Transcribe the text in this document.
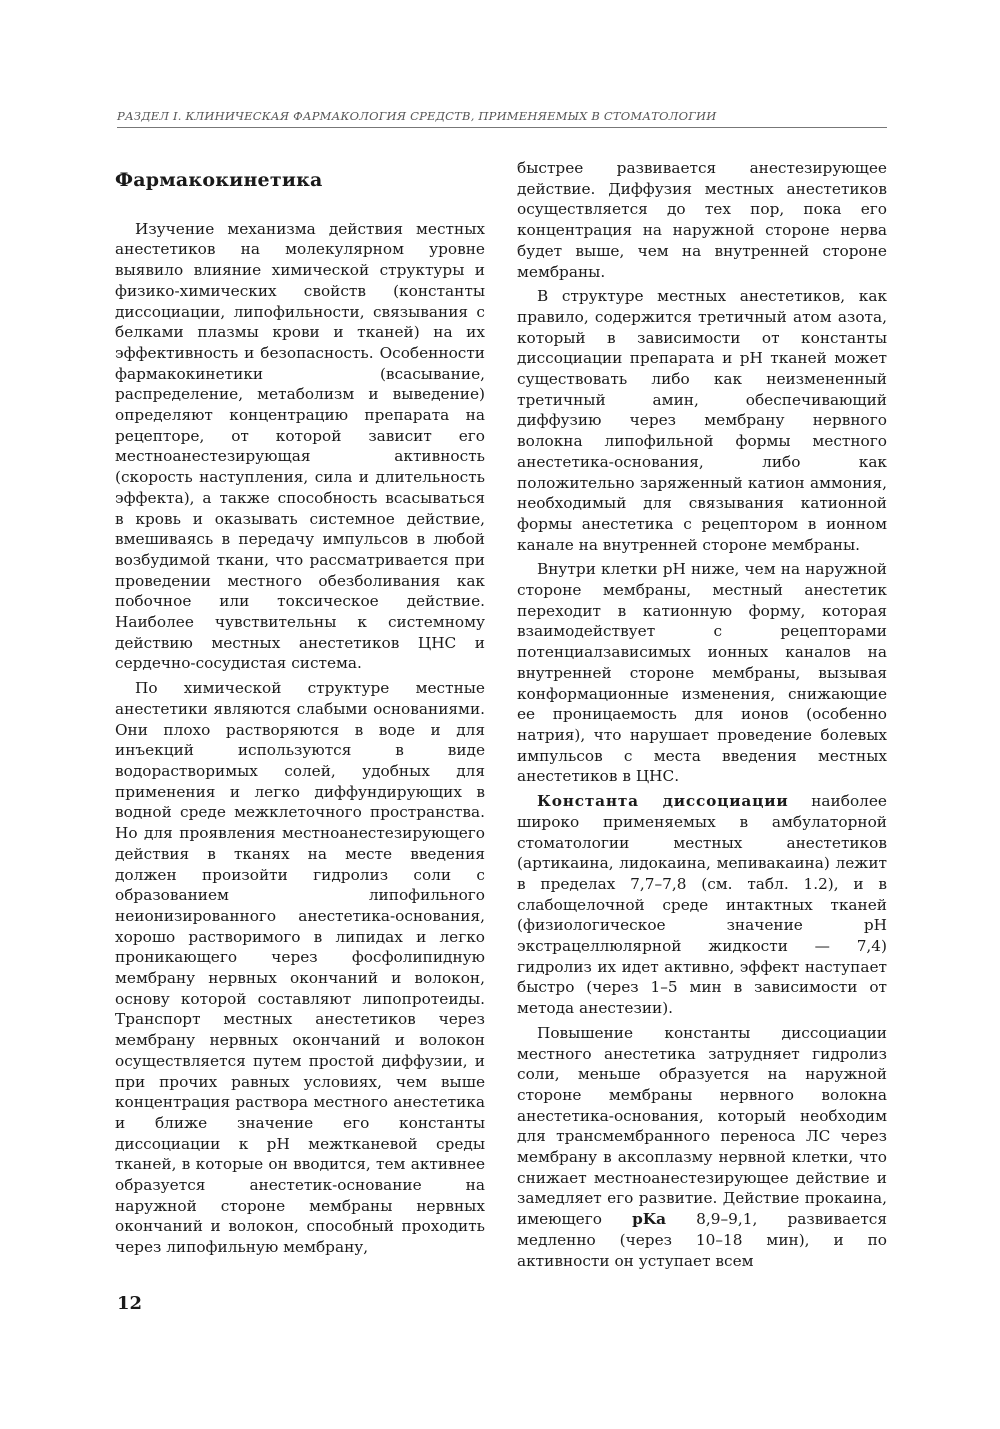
РАЗДЕЛ I. КЛИНИЧЕСКАЯ ФАРМАКОЛОГИЯ СРЕДСТВ, ПРИМЕНЯЕМЫХ В СТОМАТОЛОГИИ
Фармакокинетика

Изучение механизма действия местных анестетиков на молекулярном уровне выявило влияние химической структуры и физико-химических свойств (константы диссоциации, липофильности, связывания с белками плазмы крови и тканей) на их эффективность и безопасность. Особенности фармакокинетики (всасывание, распределение, метаболизм и выведение) определяют концентрацию препарата на рецепторе, от которой зависит его местноанестезирующая активность (скорость наступления, сила и длительность эффекта), а также способность всасываться в кровь и оказывать системное действие, вмешиваясь в передачу импульсов в любой возбудимой ткани, что рассматривается при проведении местного обезболивания как побочное или токсическое действие. Наиболее чувствительны к системному действию местных анестетиков ЦНС и сердечно-сосудистая система.

По химической структуре местные анестетики являются слабыми основаниями. Они плохо растворяются в воде и для инъекций используются в виде водорастворимых солей, удобных для применения и легко диффундирующих в водной среде межклеточного пространства. Но для проявления местноанестезирующего действия в тканях на месте введения должен произойти гидролиз соли с образованием липофильного неионизированного анестетика-основания, хорошо растворимого в липидах и легко проникающего через фосфолипидную мембрану нервных окончаний и волокон, основу которой составляют липопротеиды. Транспорт местных анестетиков через мембрану нервных окончаний и волокон осуществляется путем простой диффузии, и при прочих равных условиях, чем выше концентрация раствора местного анестетика и ближе значение его константы диссоциации к pH межтканевой среды тканей, в которые он вводится, тем активнее образуется анестетик-основание на наружной стороне мембраны нервных окончаний и волокон, способный проходить через липофильную мембрану,

быстрее развивается анестезирующее действие. Диффузия местных анестетиков осуществляется до тех пор, пока его концентрация на наружной стороне нерва будет выше, чем на внутренней стороне мембраны.

В структуре местных анестетиков, как правило, содержится третичный атом азота, который в зависимости от константы диссоциации препарата и pH тканей может существовать либо как неизмененный третичный амин, обеспечивающий диффузию через мембрану нервного волокна липофильной формы местного анестетика-основания, либо как положительно заряженный катион аммония, необходимый для связывания катионной формы анестетика с рецептором в ионном канале на внутренней стороне мембраны.

Внутри клетки pH ниже, чем на наружной стороне мембраны, местный анестетик переходит в катионную форму, которая взаимодействует с рецепторами потенциалзависимых ионных каналов на внутренней стороне мембраны, вызывая конформационные изменения, снижающие ее проницаемость для ионов (особенно натрия), что нарушает проведение болевых импульсов с места введения местных анестетиков в ЦНС.

Константа диссоциации наиболее широко применяемых в амбулаторной стоматологии местных анестетиков (артикаина, лидокаина, мепивакаина) лежит в пределах 7,7–7,8 (см. табл. 1.2), и в слабощелочной среде интактных тканей (физиологическое значение pH экстрацеллюлярной жидкости — 7,4) гидролиз их идет активно, эффект наступает быстро (через 1–5 мин в зависимости от метода анестезии).

Повышение константы диссоциации местного анестетика затрудняет гидролиз соли, меньше образуется на наружной стороне мембраны нервного волокна анестетика-основания, который необходим для трансмембранного переноса ЛС через мембрану в аксоплазму нервной клетки, что снижает местноанестезирующее действие и замедляет его развитие. Действие прокаина, имеющего pKa 8,9–9,1, развивается медленно (через 10–18 мин), и по активности он уступает всем

12
